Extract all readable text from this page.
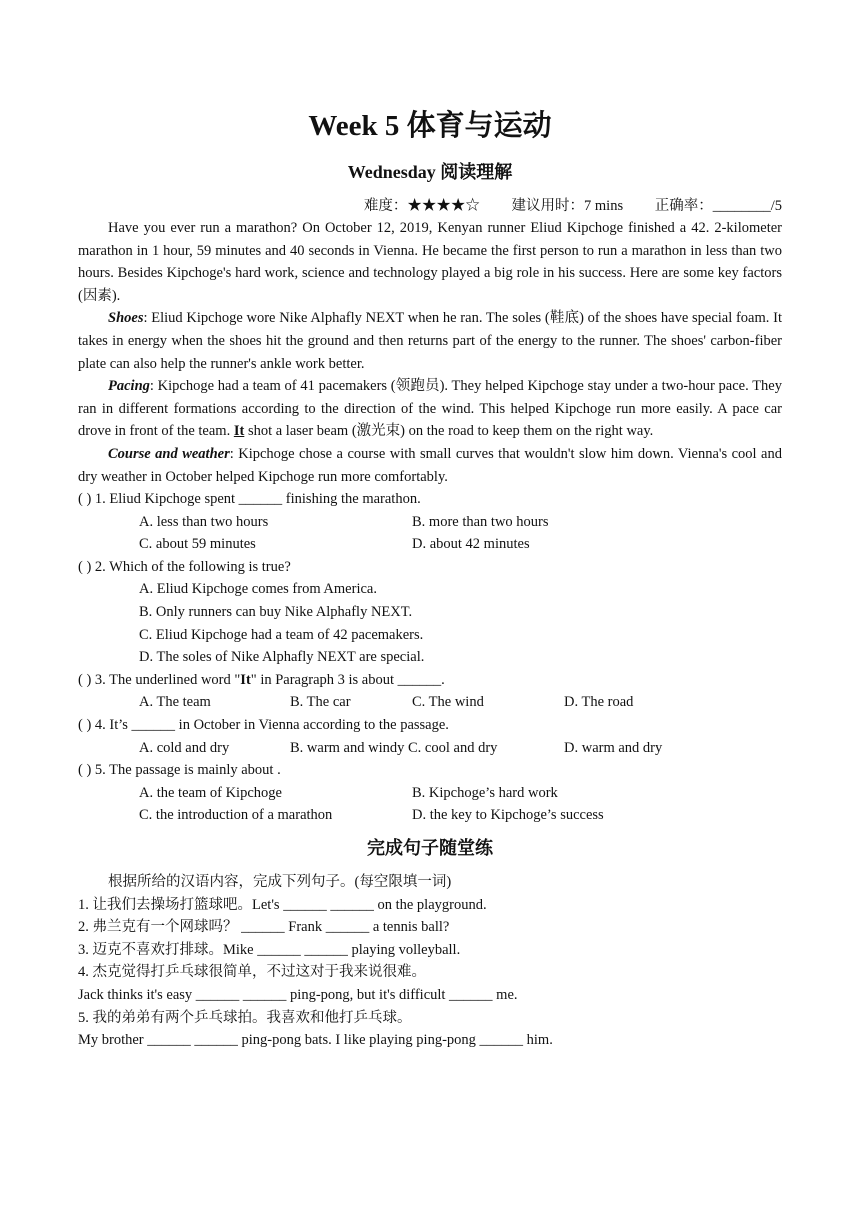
Week 5 体育与运动
Wednesday 阅读理解
难度：★★★★☆ 建议用时：7 mins 正确率：________/5

Have you ever run a marathon? On October 12, 2019, Kenyan runner Eliud Kipchoge finished a 42. 2-kilometer marathon in 1 hour, 59 minutes and 40 seconds in Vienna. He became the first person to run a marathon in less than two hours. Besides Kipchoge's hard work, science and technology played a big role in his success. Here are some key factors (因素).

Shoes: Eliud Kipchoge wore Nike Alphafly NEXT when he ran. The soles (鞋底) of the shoes have special foam. It takes in energy when the shoes hit the ground and then returns part of the energy to the runner. The shoes' carbon-fiber plate can also help the runner's ankle work better.

Pacing: Kipchoge had a team of 41 pacemakers (领跑员). They helped Kipchoge stay under a two-hour pace. They ran in different formations according to the direction of the wind. This helped Kipchoge run more easily. A pace car drove in front of the team. It shot a laser beam (激光束) on the road to keep them on the right way.

Course and weather: Kipchoge chose a course with small curves that wouldn't slow him down. Vienna's cool and dry weather in October helped Kipchoge run more comfortably.

( ) 1. Eliud Kipchoge spent ______ finishing the marathon.
A. less than two hours	B. more than two hours
C. about 59 minutes	D. about 42 minutes
( ) 2. Which of the following is true?
A. Eliud Kipchoge comes from America.
B. Only runners can buy Nike Alphafly NEXT.
C. Eliud Kipchoge had a team of 42 pacemakers.
D. The soles of Nike Alphafly NEXT are special.
( ) 3. The underlined word "It" in Paragraph 3 is about ______.
A. The team	B. The car	C. The wind	D. The road
( ) 4. It’s ______ in October in Vienna according to the passage.
A. cold and dry	B. warm and windy C. cool and dry	D. warm and dry
( ) 5. The passage is mainly about .
A. the team of Kipchoge	B. Kipchoge’s hard work
C. the introduction of a marathon	D. the key to Kipchoge’s success
完成句子随堂练
根据所给的汉语内容，完成下列句子。(每空限填一词)
1. 让我们去操场打篮球吧。Let's ______ ______ on the playground.
2. 弗兰克有一个网球吗？ ______ Frank ______ a tennis ball?
3. 迈克不喜欢打排球。Mike ______ ______ playing volleyball.
4. 杰克觉得打乒乓球很简单，不过这对于我来说很难。
Jack thinks it's easy ______ ______ ping-pong, but it's difficult ______ me.
5. 我的弟弟有两个乒乓球拍。我喜欢和他打乒乓球。
My brother ______ ______ ping-pong bats. I like playing ping-pong ______ him.
